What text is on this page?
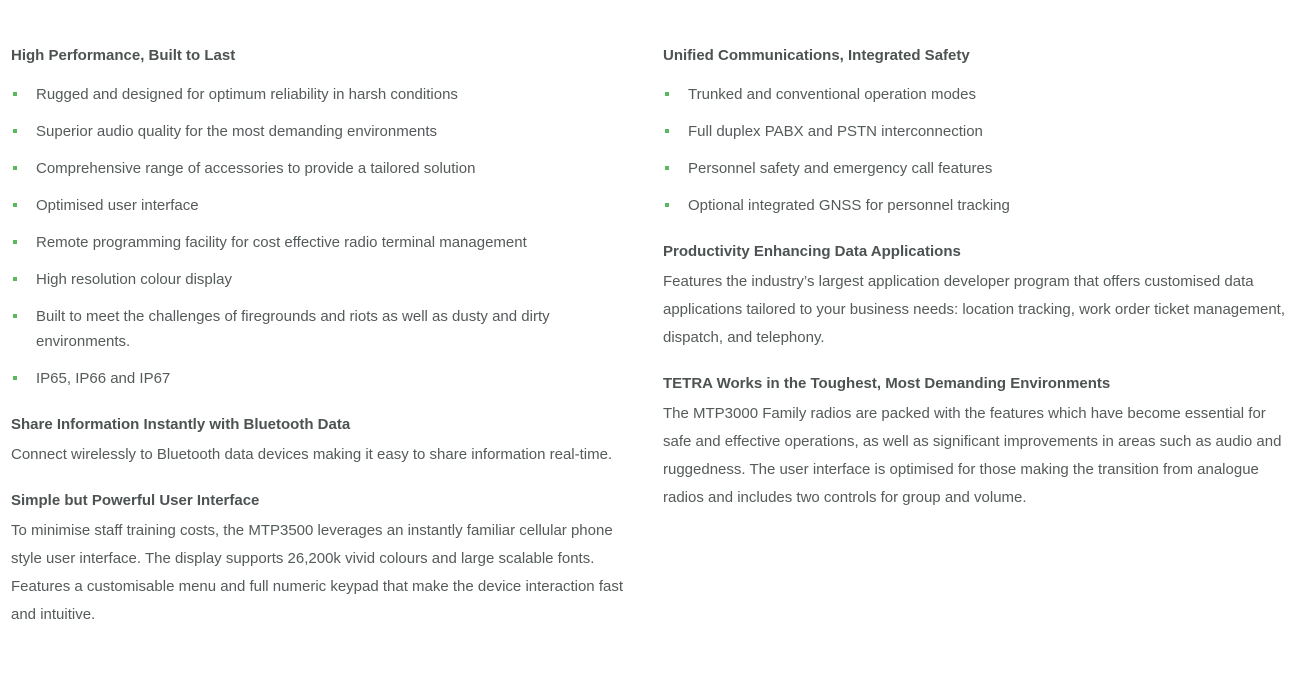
High Performance, Built to Last
Rugged and designed for optimum reliability in harsh conditions
Superior audio quality for the most demanding environments
Comprehensive range of accessories to provide a tailored solution
Optimised user interface
Remote programming facility for cost effective radio terminal management
High resolution colour display
Built to meet the challenges of firegrounds and riots as well as dusty and dirty environments.
IP65, IP66 and IP67
Share Information Instantly with Bluetooth Data

Connect wirelessly to Bluetooth data devices making it easy to share information real-time.

Simple but Powerful User Interface

To minimise staff training costs, the MTP3500 leverages an instantly familiar cellular phone style user interface. The display supports 26,200k vivid colours and large scalable fonts. Features a customisable menu and full numeric keypad that make the device interaction fast and intuitive.

Unified Communications, Integrated Safety
Trunked and conventional operation modes
Full duplex PABX and PSTN interconnection
Personnel safety and emergency call features
Optional integrated GNSS for personnel tracking
Productivity Enhancing Data Applications

Features the industry’s largest application developer program that offers customised data applications tailored to your business needs: location tracking, work order ticket management, dispatch, and telephony.

TETRA Works in the Toughest, Most Demanding Environments

The MTP3000 Family radios are packed with the features which have become essential for safe and effective operations, as well as significant improvements in areas such as audio and ruggedness. The user interface is optimised for those making the transition from analogue radios and includes two controls for group and volume.
